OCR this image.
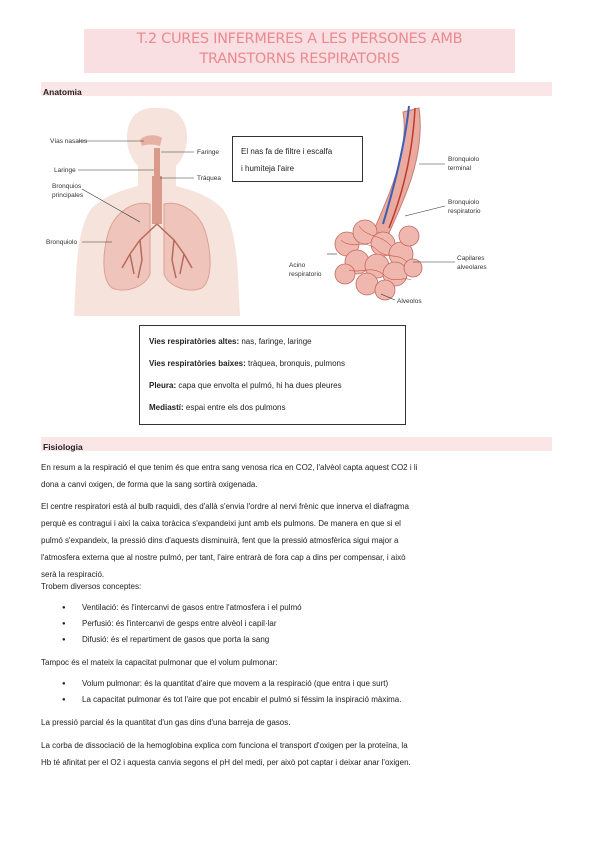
T.2 CURES INFERMERES A LES PERSONES AMB
TRANSTORNS RESPIRATORIS
Anatomia
Vías nasales
Laringe
Bronquios
principales
Bronquiolo
Faringe
Tráquea
El nas fa de filtre i escalfa
i humiteja l'aire
Bronquiolo
terminal
Bronquiolo
respiratorio
Acino
respiratorio
Capilares
alveolares
Alveolos
Vies respiratòries altes: nas, faringe, laringe
Vies respiratòries baixes: tràquea, bronquis, pulmons
Pleura: capa que envolta el pulmó, hi ha dues pleures
Mediastí: espai entre els dos pulmons
Fisiologia
En resum a la respiració el que tenim és que entra sang venosa rica en CO2, l'alvèol capta aquest CO2 i li
dona a canvi oxigen, de forma que la sang sortirà oxigenada.
El centre respiratori està al bulb raquidi, des d'allà s'envia l'ordre al nervi frènic que innerva el diafragma
perquè es contragui i així la caixa toràcica s'expandeixi junt amb els pulmons. De manera en que si el
pulmó s'expandeix, la pressió dins d'aquests disminuirà, fent que la pressió atmosfèrica sigui major a
l'atmosfera externa que al nostre pulmó, per tant, l'aire entrarà de fora cap a dins per compensar, i això
serà la respiració.
Trobem diversos conceptes:
● Ventilació: és l'intercanvi de gasos entre l'atmosfera i el pulmó
● Perfusió: és l'intercanvi de gesps entre alvèol i capil·lar
● Difusió: és el repartiment de gasos que porta la sang
Tampoc és el mateix la capacitat pulmonar que el volum pulmonar:
● Volum pulmonar: és la quantitat d'aire que movem a la respiració (que entra i que surt)
● La capacitat pulmonar és tot l'aire que pot encabir el pulmó si féssim la inspiració màxima.
La pressió parcial és la quantitat d'un gas dins d'una barreja de gasos.
La corba de dissociació de la hemoglobina explica com funciona el transport d'oxigen per la proteïna, la
Hb té afinitat per el O2 i aquesta canvia segons el pH del medi, per això pot captar i deixar anar l'oxigen.
